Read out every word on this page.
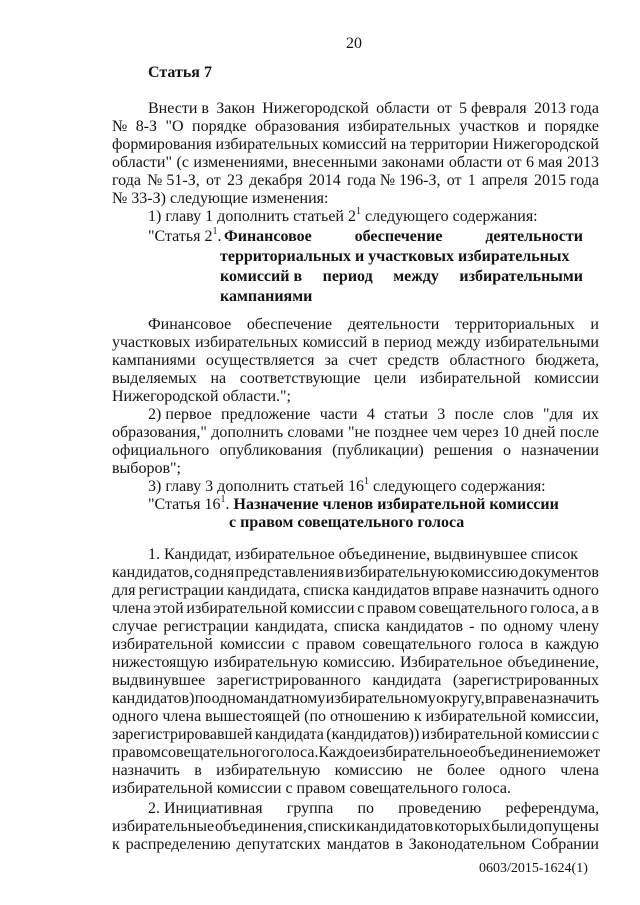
20
Статья 7
Внести в Закон Нижегородской области от 5 февраля 2013 года
№ 8-З "О порядке образования избирательных участков и порядке
формирования избирательных комиссий на территории Нижегородской
области" (с изменениями, внесенными законами области от 6 мая 2013
года № 51-З, от 23 декабря 2014 года № 196-З, от 1 апреля 2015 года
№ 33-З) следующие изменения:
1) главу 1 дополнить статьей $2^1$ следующего содержания:
"Статья $2^1$. Финансовое	обеспечение	деятельности
территориальных и участковых избирательных
комиссий в период между избирательными
кампаниями
Финансовое обеспечение деятельности территориальных и
участковых избирательных комиссий в период между избирательными
кампаниями осуществляется за счет средств областного бюджета,
выделяемых на соответствующие цели избирательной комиссии
Нижегородской области.";
2) первое предложение части 4 статьи 3 после слов "для их
образования," дополнить словами "не позднее чем через 10 дней после
официального опубликования (публикации) решения о назначении
выборов";
3) главу 3 дополнить статьей $16^1$ следующего содержания:
"Статья $16^1$. Назначение членов избирательной комиссии
с правом совещательного голоса
1. Кандидат, избирательное объединение, выдвинувшее список
кандидатов, со дня представления в избирательную комиссию документов
для регистрации кандидата, списка кандидатов вправе назначить одного
члена этой избирательной комиссии с правом совещательного голоса, а в
случае регистрации кандидата, списка кандидатов - по одному члену
избирательной комиссии с правом совещательного голоса в каждую
нижестоящую избирательную комиссию. Избирательное объединение,
выдвинувшее зарегистрированного кандидата (зарегистрированных
кандидатов) по одномандатному избирательному округу, вправе назначить
одного члена вышестоящей (по отношению к избирательной комиссии,
зарегистрировавшей кандидата (кандидатов)) избирательной комиссии с
правом совещательного голоса. Каждое избирательное объединение может
назначить в избирательную комиссию не более одного члена
избирательной комиссии с правом совещательного голоса.
2. Инициативная группа по проведению референдума,
избирательные объединения, списки кандидатов которых были допущены
к распределению депутатских мандатов в Законодательном Собрании
0603/2015-1624(1)
